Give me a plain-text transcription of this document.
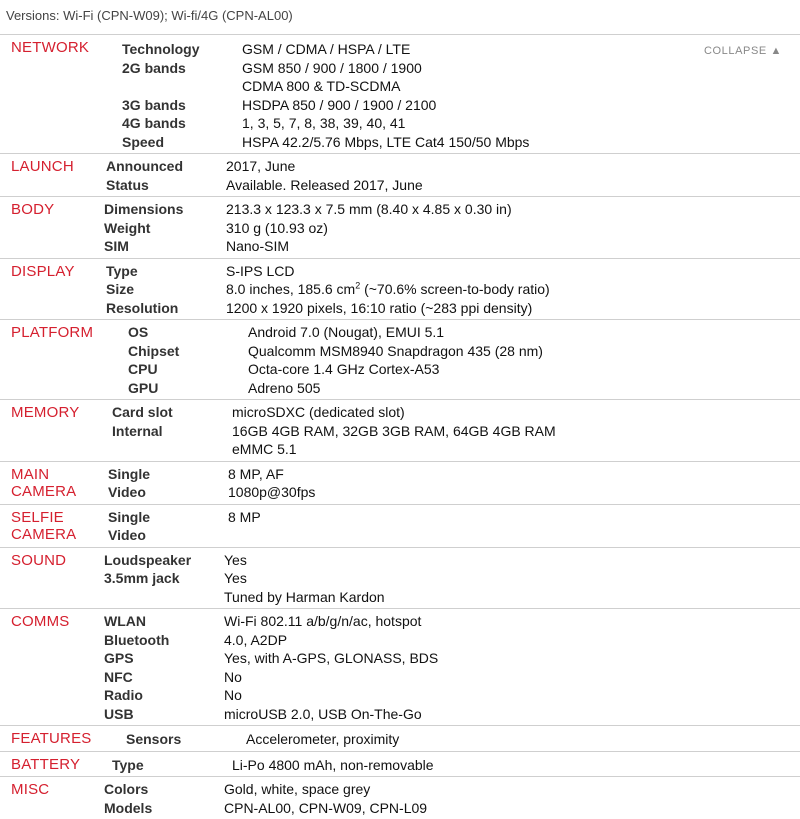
Versions: Wi-Fi (CPN-W09); Wi-fi/4G (CPN-AL00)
NETWORK Technology	GSM / CDMA / HSPA / LTE
2G bands	GSM 850 / 900 / 1800 / 1900
CDMA 800 & TD-SCDMA
3G bands	HSDPA 850 / 900 / 1900 / 2100
4G bands	1, 3, 5, 7, 8, 38, 39, 40, 41
Speed	HSPA 42.2/5.76 Mbps, LTE Cat4 150/50 Mbps
COLLAPSE ▲
LAUNCH Announced	2017, June
Status	Available. Released 2017, June
BODY	Dimensions	213.3 x 123.3 x 7.5 mm (8.40 x 4.85 x 0.30 in)
Weight	310 g (10.93 oz)
SIM	Nano-SIM
DISPLAY Type	S-IPS LCD
Size	8.0 inches, 185.6 $cm^2$ (~70.6% screen-to-body ratio)
Resolution	1200 x 1920 pixels, 16:10 ratio (~283 ppi density)
PLATFORM OS	Android 7.0 (Nougat), EMUI 5.1
Chipset	Qualcomm MSM8940 Snapdragon 435 (28 nm)
CPU	Octa-core 1.4 GHz Cortex-A53
GPU	Adreno 505
MEMORY Card slot	microSDXC (dedicated slot)
Internal	16GB 4GB RAM, 32GB 3GB RAM, 64GB 4GB RAM
eMMC 5.1
MAIN
CAMERA
Single	8 MP, AF
Video	1080p@30fps
SELFIE
CAMERA
Single	8 MP
Video
SOUND	Loudspeaker	Yes
3.5mm jack	Yes
Tuned by Harman Kardon
COMMS WLAN	Wi-Fi 802.11 a/b/g/n/ac, hotspot
Bluetooth	4.0, A2DP
GPS	Yes, with A-GPS, GLONASS, BDS
NFC	No
Radio	No
USB	microUSB 2.0, USB On-The-Go
FEATURES Sensors	Accelerometer, proximity
BATTERY Type	Li-Po 4800 mAh, non-removable
MISC	Colors	Gold, white, space grey
Models	CPN-AL00, CPN-W09, CPN-L09
